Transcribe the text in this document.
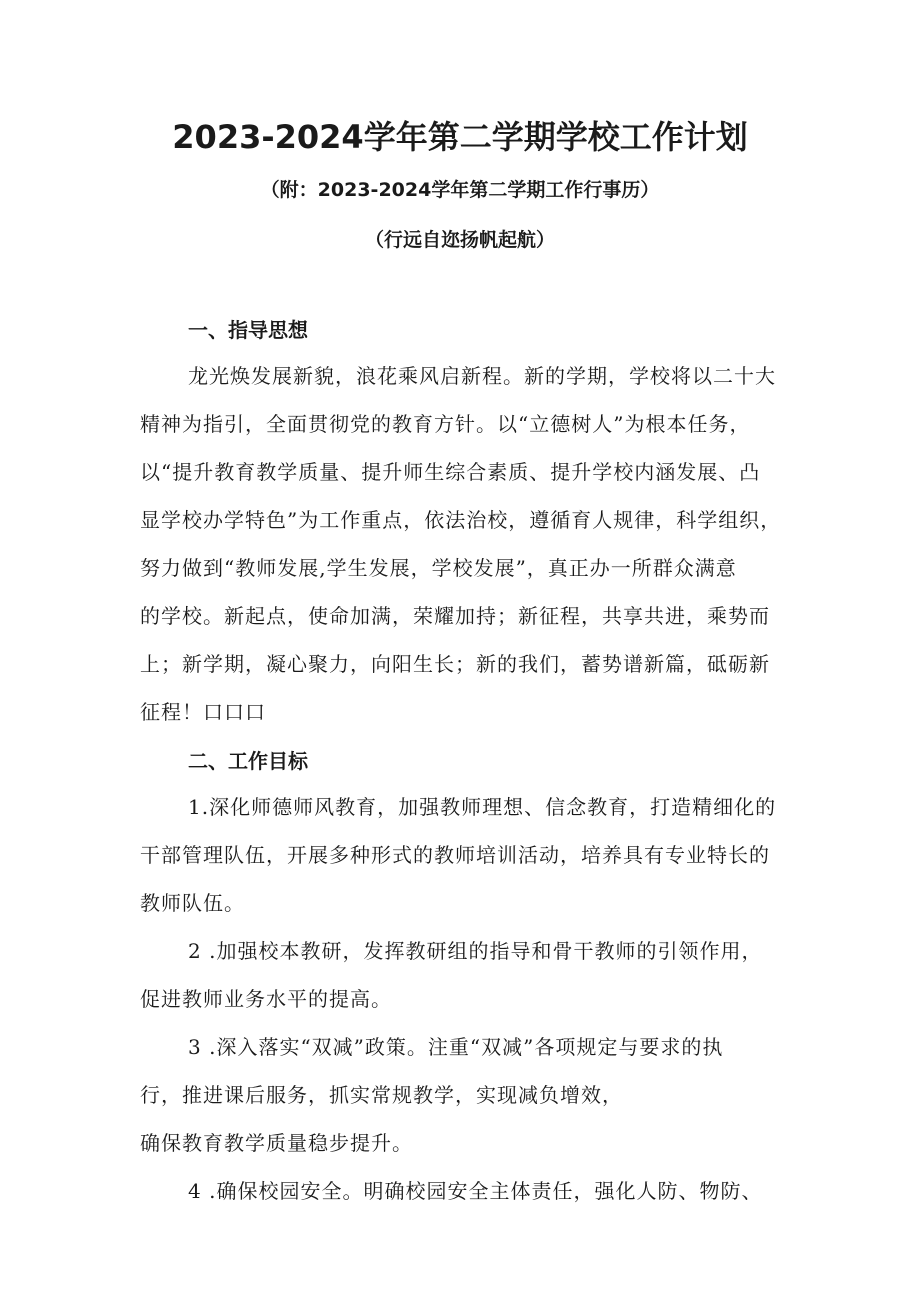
2023-2024学年第二学期学校工作计划

（附：2023-2024学年第二学期工作行事历）

（行远自迩扬帆起航）

一、指导思想
龙光焕发展新貌，浪花乘风启新程。新的学期，学校将以二十大
精神为指引，全面贯彻党的教育方针。以“立德树人”为根本任务，
以“提升教育教学质量、提升师生综合素质、提升学校内涵发展、凸
显学校办学特色”为工作重点，依法治校，遵循育人规律，科学组织，
努力做到“教师发展,学生发展，学校发展”，真正办一所群众满意
的学校。新起点，使命加满，荣耀加持；新征程，共享共进，乘势而
上；新学期，凝心聚力，向阳生长；新的我们，蓄势谱新篇，砥砺新
征程！口口口
二、工作目标
1.深化师德师风教育，加强教师理想、信念教育，打造精细化的
干部管理队伍，开展多种形式的教师培训活动，培养具有专业特长的
教师队伍。
2 .加强校本教研，发挥教研组的指导和骨干教师的引领作用，
促进教师业务水平的提高。
3 .深入落实“双减”政策。注重“双减”各项规定与要求的执
行，推进课后服务，抓实常规教学，实现减负增效，
确保教育教学质量稳步提升。
4 .确保校园安全。明确校园安全主体责任，强化人防、物防、
